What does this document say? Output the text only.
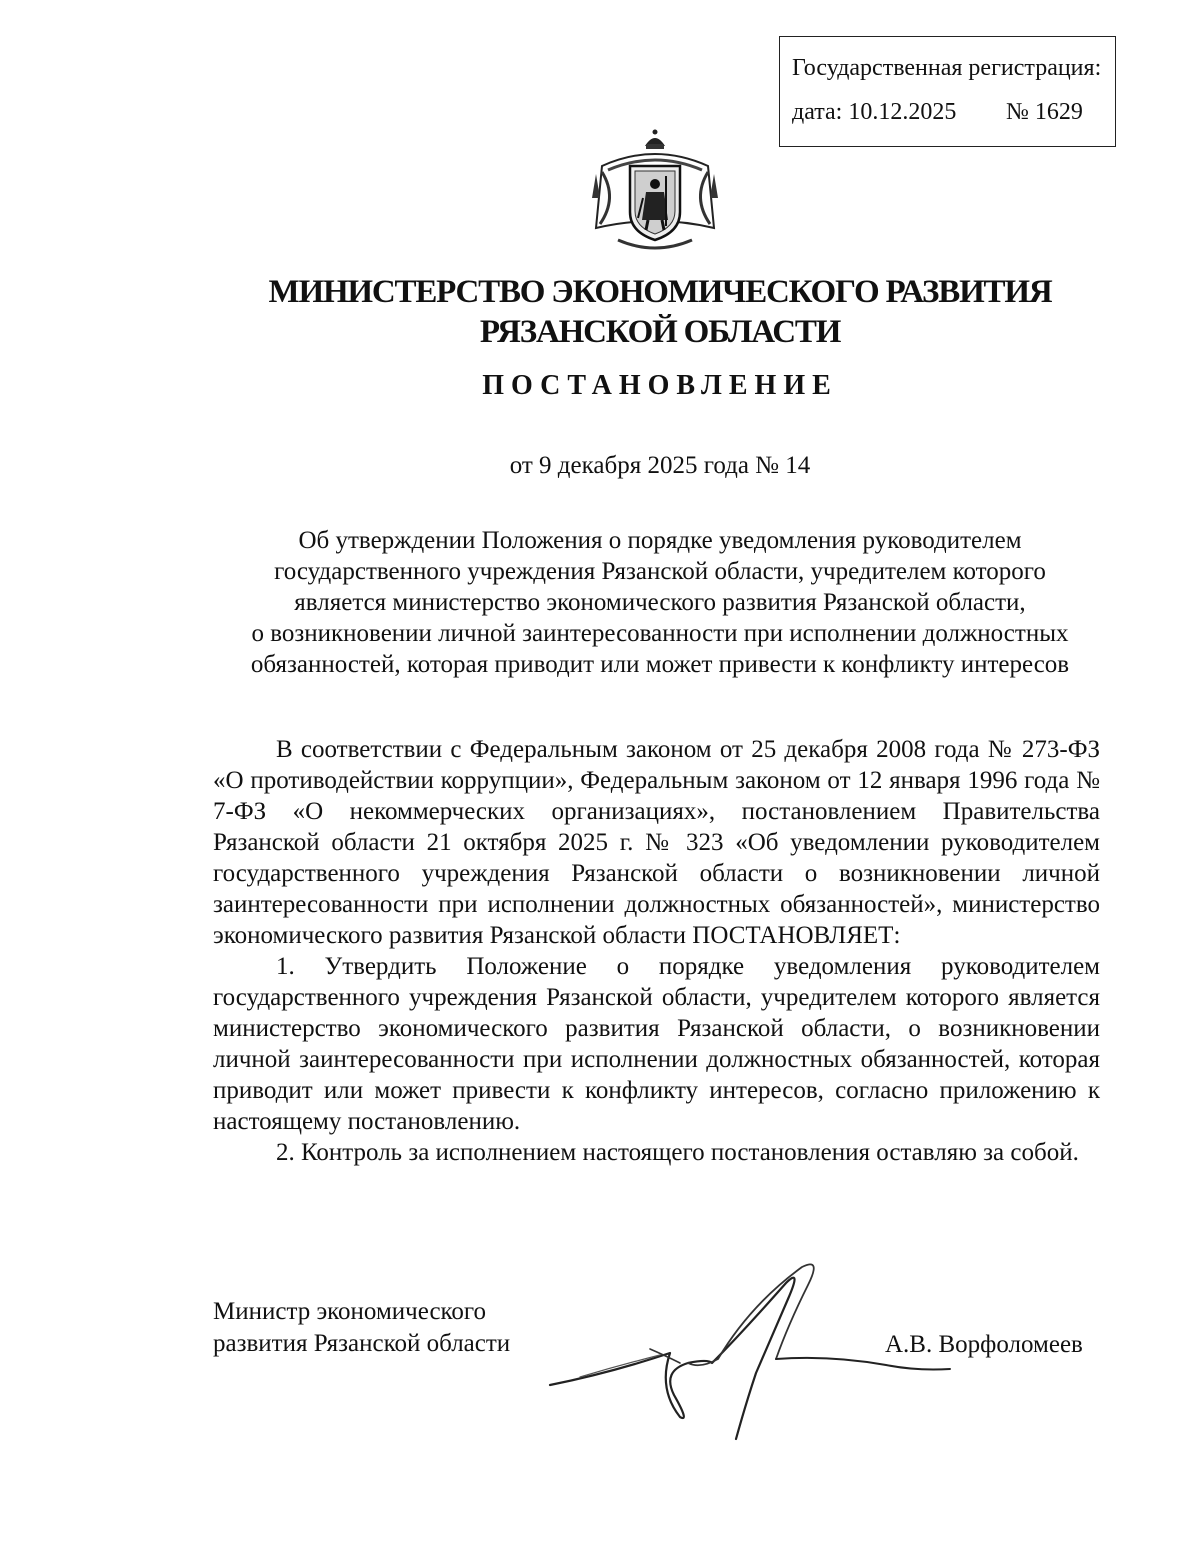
Государственная регистрация:
дата: 10.12.2025 № 1629
МИНИСТЕРСТВО ЭКОНОМИЧЕСКОГО РАЗВИТИЯ
РЯЗАНСКОЙ ОБЛАСТИ
ПОСТАНОВЛЕНИЕ
от 9 декабря 2025 года № 14
Об утверждении Положения о порядке уведомления руководителем
государственного учреждения Рязанской области, учредителем которого
является министерство экономического развития Рязанской области,
о возникновении личной заинтересованности при исполнении должностных
обязанностей, которая приводит или может привести к конфликту интересов

В соответствии с Федеральным законом от 25 декабря 2008 года № 273-ФЗ «О противодействии коррупции», Федеральным законом от 12 января 1996 года № 7-ФЗ «О некоммерческих организациях», постановлением Правительства Рязанской области 21 октября 2025 г. № 323 «Об уведомлении руководителем государственного учреждения Рязанской области о возникновении личной заинтересованности при исполнении должностных обязанностей», министерство экономического развития Рязанской области ПОСТАНОВЛЯЕТ:

1. Утвердить Положение о порядке уведомления руководителем государственного учреждения Рязанской области, учредителем которого является министерство экономического развития Рязанской области, о возникновении личной заинтересованности при исполнении должностных обязанностей, которая приводит или может привести к конфликту интересов, согласно приложению к настоящему постановлению.

2. Контроль за исполнением настоящего постановления оставляю за собой.

Министр экономического
развития Рязанской области	А.В. Ворфоломеев
